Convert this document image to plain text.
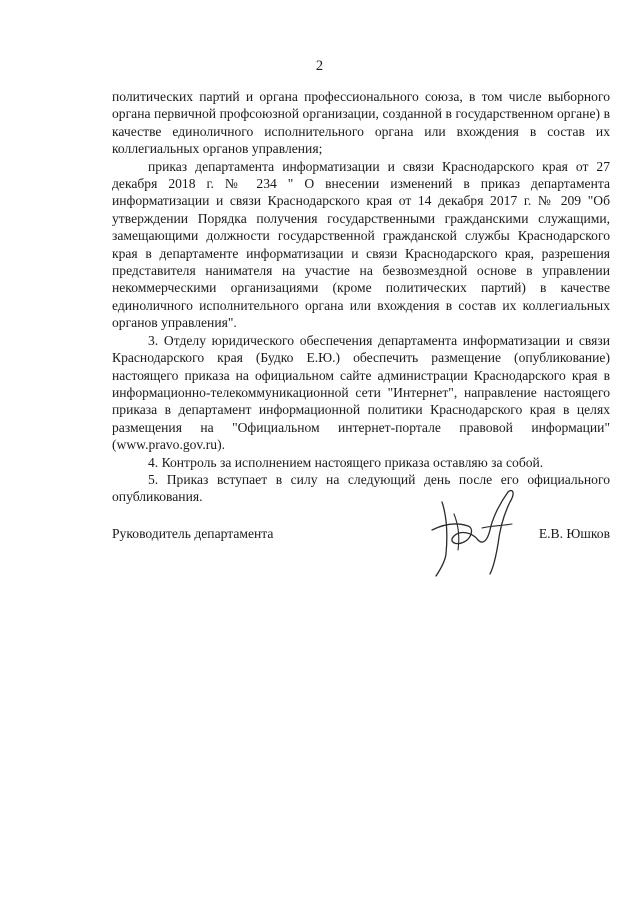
2

политических партий и органа профессионального союза, в том числе выборного органа первичной профсоюзной организации, созданной в государственном органе) в качестве единоличного исполнительного органа или вхождения в состав их коллегиальных органов управления;

приказ департамента информатизации и связи Краснодарского края от 27 декабря 2018 г. № 234 " О внесении изменений в приказ департамента информатизации и связи Краснодарского края от 14 декабря 2017 г. № 209 "Об утверждении Порядка получения государственными гражданскими служащими, замещающими должности государственной гражданской службы Краснодарского края в департаменте информатизации и связи Краснодарского края, разрешения представителя нанимателя на участие на безвозмездной основе в управлении некоммерческими организациями (кроме политических партий) в качестве единоличного исполнительного органа или вхождения в состав их коллегиальных органов управления".

3. Отделу юридического обеспечения департамента информатизации и связи Краснодарского края (Будко Е.Ю.) обеспечить размещение (опубликование) настоящего приказа на официальном сайте администрации Краснодарского края в информационно-телекоммуникационной сети "Интернет", направление настоящего приказа в департамент информационной политики Краснодарского края в целях размещения на "Официальном интернет-портале правовой информации" (www.pravo.gov.ru).

4. Контроль за исполнением настоящего приказа оставляю за собой.

5. Приказ вступает в силу на следующий день после его официального опубликования.

Руководитель департамента	Е.В. Юшков
